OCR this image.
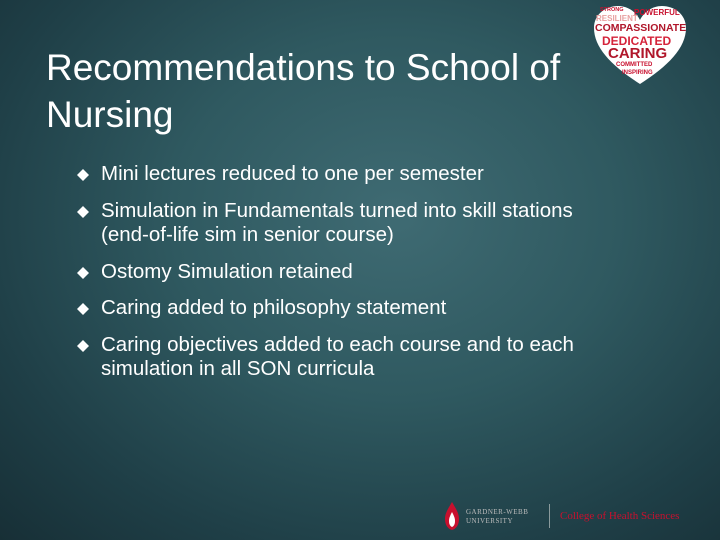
Recommendations to School of Nursing
STRONG POWERFUL
RESILIENT
COMPASSIONATE
DEDICATED
CARING
COMMITTED
INSPIRING
Mini lectures reduced to one per semester
Simulation in Fundamentals turned into skill stations (end-of-life sim in senior course)
Ostomy Simulation retained
Caring added to philosophy statement
Caring objectives added to each course and to each simulation in all SON curricula
GARDNER-WEBB
UNIVERSITY	College of Health Sciences
